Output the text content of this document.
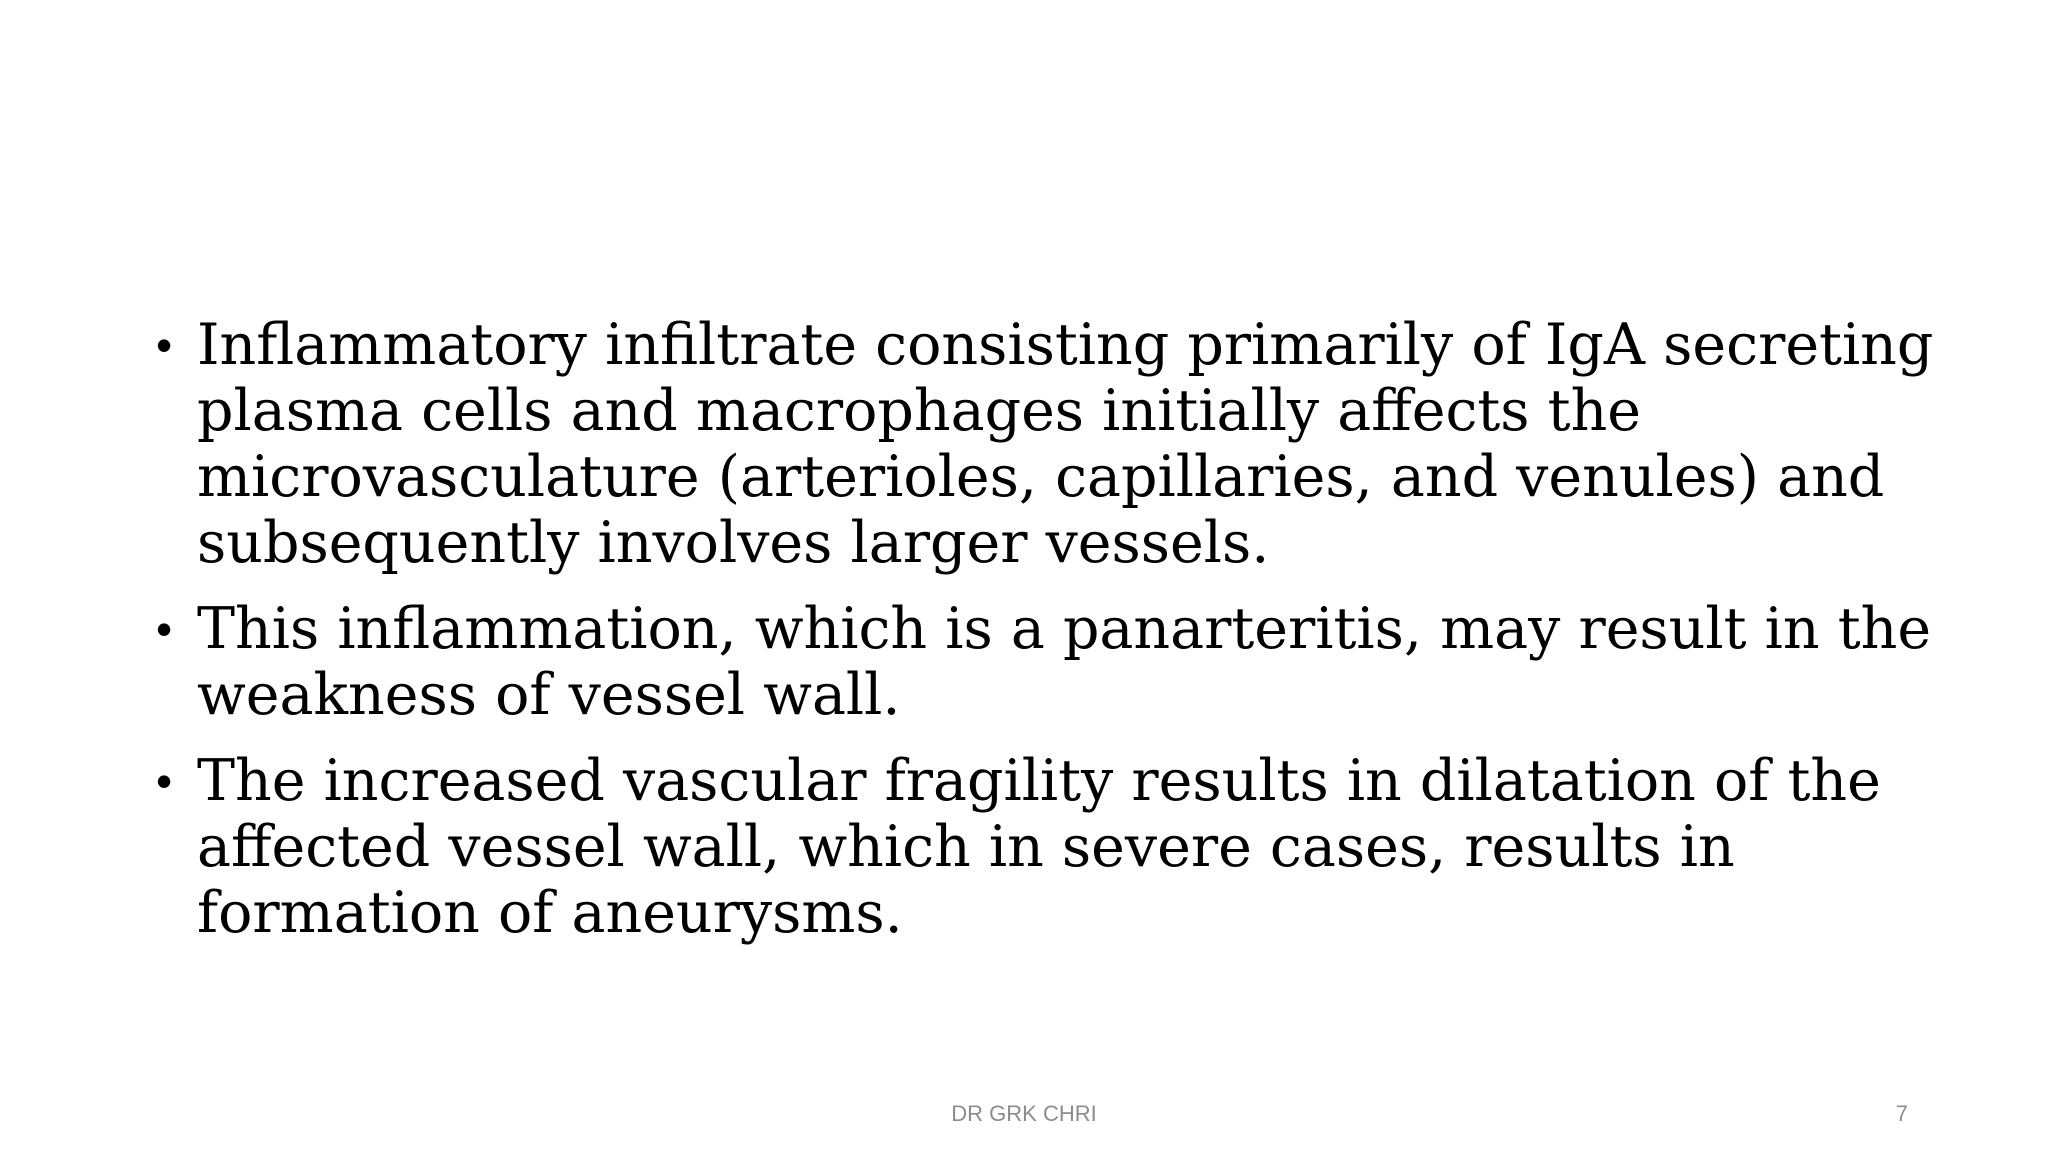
• Inflammatory infiltrate consisting primarily of IgA secreting plasma cells and macrophages initially affects the microvasculature (arterioles, capillaries, and venules) and subsequently involves larger vessels.
• This inflammation, which is a panarteritis, may result in the weakness of vessel wall.
• The increased vascular fragility results in dilatation of the affected vessel wall, which in severe cases, results in formation of aneurysms.
DR GRK CHRI	7
